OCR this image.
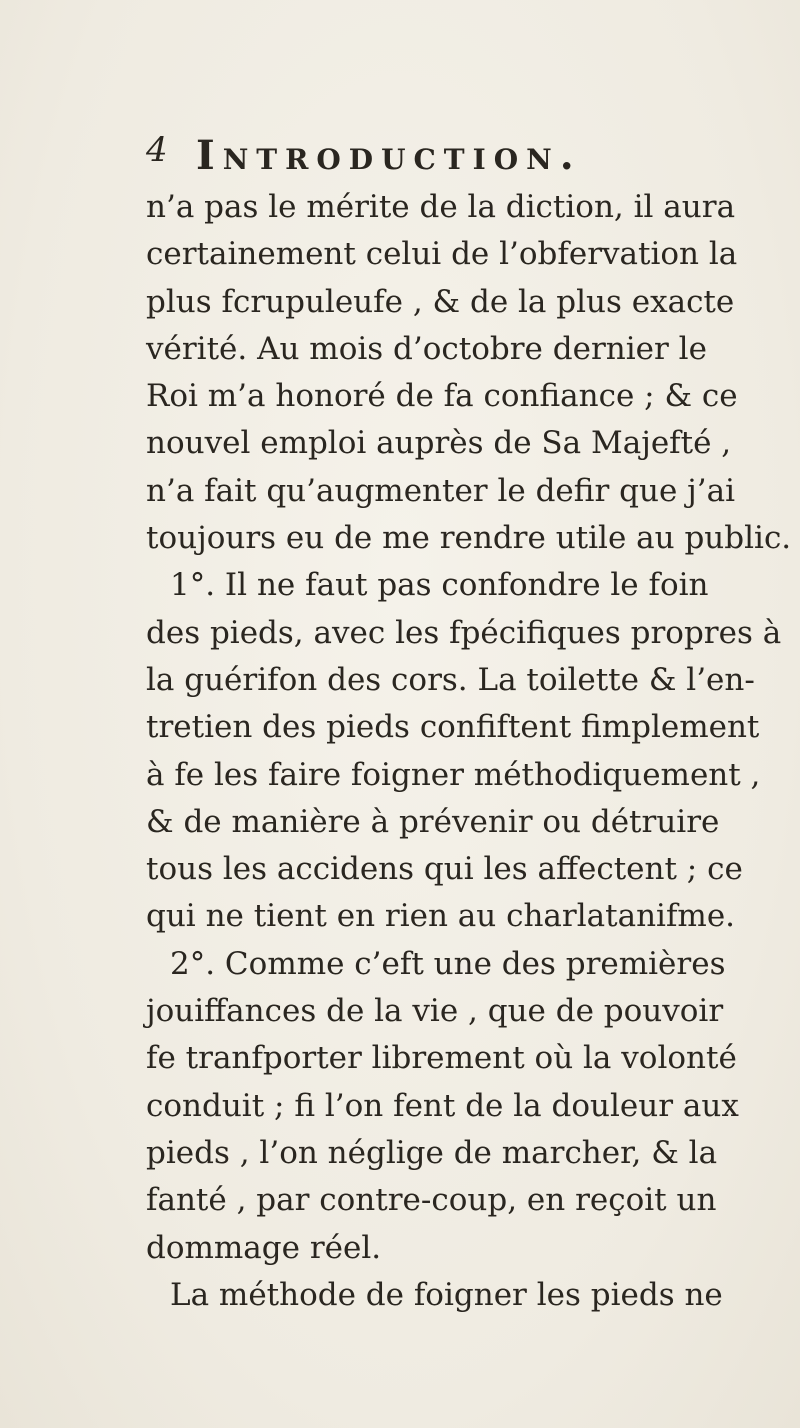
4 Introduction.
n’a pas le mérite de la diction, il aura
certainement celui de l’obfervation la
plus fcrupuleufe , & de la plus exacte
vérité. Au mois d’octobre dernier le
Roi m’a honoré de fa confiance ; & ce
nouvel emploi auprès de Sa Majefté ,
n’a fait qu’augmenter le defir que j’ai
toujours eu de me rendre utile au public.
1°. Il ne faut pas confondre le foin
des pieds, avec les fpécifiques propres à
la guérifon des cors. La toilette & l’en-
tretien des pieds confiftent fimplement
à fe les faire foigner méthodiquement ,
& de manière à prévenir ou détruire
tous les accidens qui les affectent ; ce
qui ne tient en rien au charlatanifme.
2°. Comme c’eft une des premières
jouiffances de la vie , que de pouvoir
fe tranfporter librement où la volonté
conduit ; fi l’on fent de la douleur aux
pieds , l’on néglige de marcher, & la
fanté , par contre-coup, en reçoit un
dommage réel.
La méthode de foigner les pieds ne
